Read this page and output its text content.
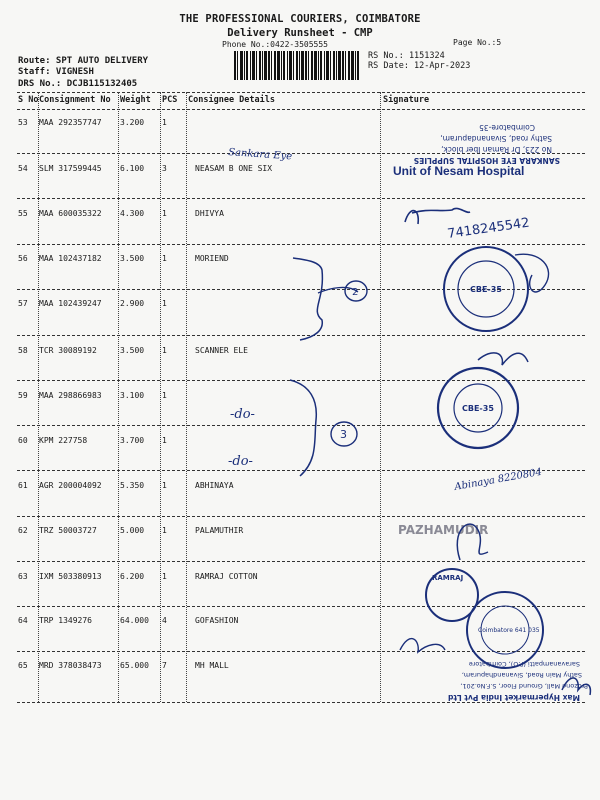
THE PROFESSIONAL COURIERS, COIMBATORE
Delivery Runsheet - CMP
Phone No.:0422-3505555	Page No.:5
RS No.: 1151324
RS Date: 12-Apr-2023
Route: SPT AUTO DELIVERY
Staff: VIGNESH
DRS No.: DCJB115132405
S No Consignment No Weight PCS Consignee Details	Signature
53 MAA 292357747 3.200 1
54 SLM 317599445 6.100 3	NEASAM B ONE SIX
55 MAA 600035322 4.300 1	DHIVYA
56 MAA 102437182 3.500 1	MORIEND
57 MAA 102439247 2.900 1
58 TCR 30089192	3.500 1	SCANNER ELE
59 MAA 298866983 3.100 1
60 KPM 227758	3.700 1
61 AGR 200004092 5.350 1	ABHINAYA
62 TRZ 50003727	5.000 1	PALAMUTHIR
63 IXM 503380913 6.200 1	RAMRAJ COTTON
64 TRP 1349276	64.000 4	GOFASHION
65 MRD 378038473 65.000 7	MH MALL
SANKARA EYE HOSPITAL SUPPLIES
No 223, Dr Raman Iber block,
Sathy road, Sivanandapuram,
Coimbatore-35
Sankara Eye
7418245542
2	CBE-35
-do-
-do-
3
CBE-35
Abinaya 8220804
PAZHAMUDIR
RAMRAJ
Coimbatore 641 035
Max Hypermarket India Pvt Ltd
Prozone Mall, Ground Floor, S.F.No.201,
Sathy Main Road, Sivanandhapuram,
Saravanampatti (P.O), Coimbatore
Unit of Nesam Hospital
